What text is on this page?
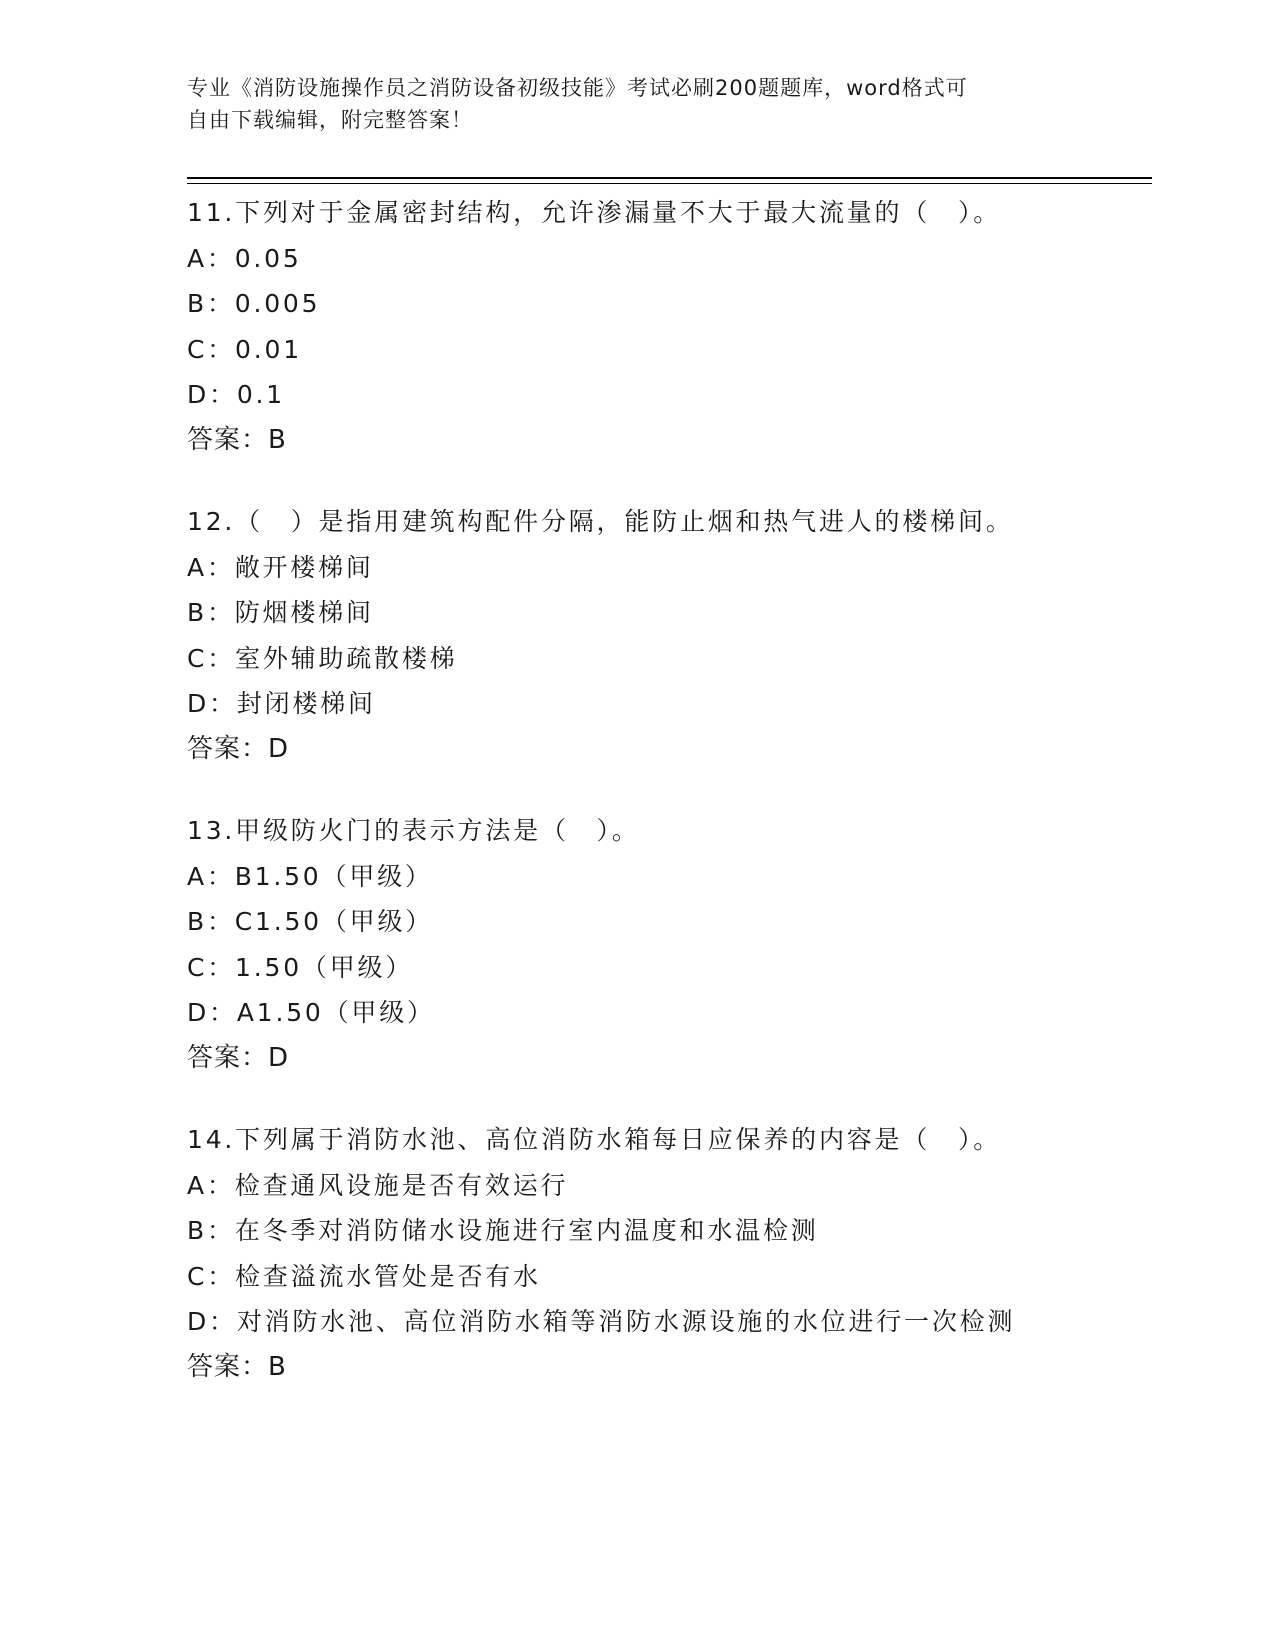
专业《消防设施操作员之消防设备初级技能》考试必刷200题题库，word格式可
自由下载编辑，附完整答案！
11.下列对于金属密封结构，允许渗漏量不大于最大流量的（　）。
A：0.05
B：0.005
C：0.01
D：0.1
答案：B
12.（　）是指用建筑构配件分隔，能防止烟和热气进人的楼梯间。
A：敞开楼梯间
B：防烟楼梯间
C：室外辅助疏散楼梯
D：封闭楼梯间
答案：D
13.甲级防火门的表示方法是（　）。
A：B1.50（甲级）
B：C1.50（甲级）
C：1.50（甲级）
D：A1.50（甲级）
答案：D
14.下列属于消防水池、高位消防水箱每日应保养的内容是（　）。
A：检查通风设施是否有效运行
B：在冬季对消防储水设施进行室内温度和水温检测
C：检查溢流水管处是否有水
D：对消防水池、高位消防水箱等消防水源设施的水位进行一次检测
答案：B
